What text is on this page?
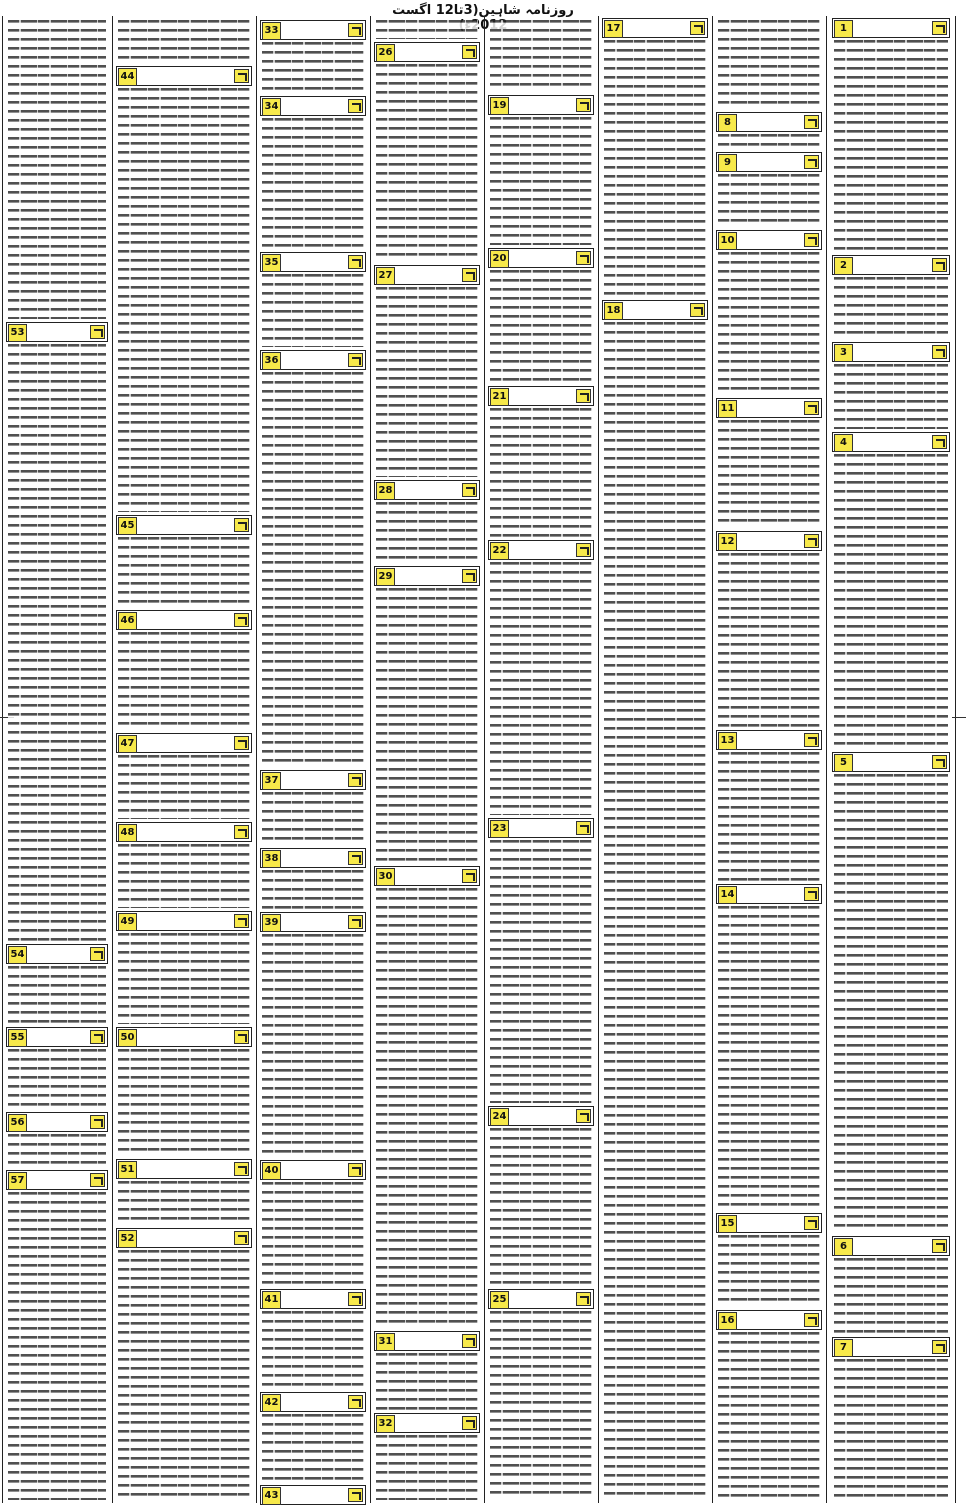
روزنامہ شاہین(3تا12 اگست
1
2
3
4
5
6
7
8
9
10
11
12
13
14
15
16
17
18
19
20
21
22
23
24
25
26
27
28
29
30
31
32
33
34
35
36
37
38
39
40
41
42
43
44
45
46
47
48
49
50
51
52
53
54
55
56
57
